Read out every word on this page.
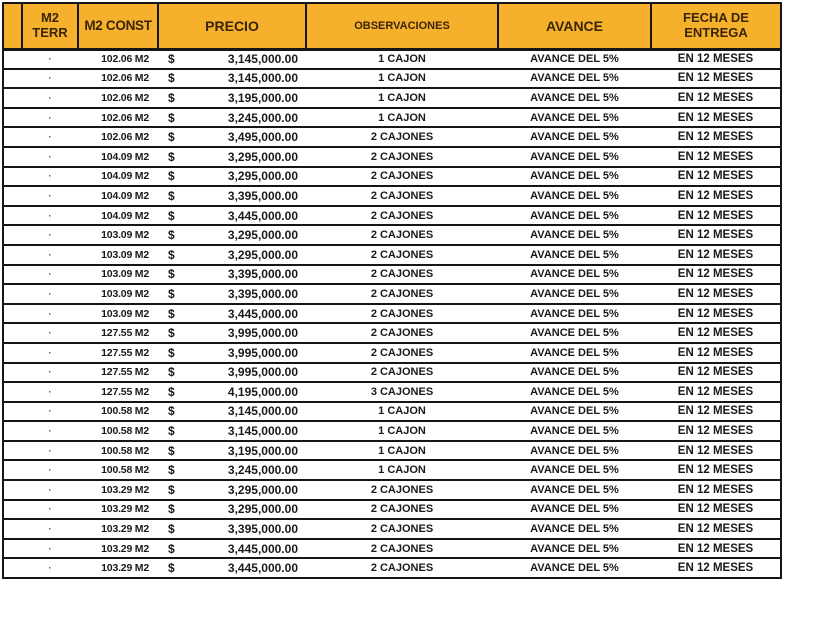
	M2 TERR	M2 CONST	PRECIO	OBSERVACIONES	AVANCE	FECHA DE ENTREGA
	·	102.06 M2	$ 3,145,000.00	1 CAJON	AVANCE DEL 5%	EN 12 MESES
	·	102.06 M2	$ 3,145,000.00	1 CAJON	AVANCE DEL 5%	EN 12 MESES
	·	102.06 M2	$ 3,195,000.00	1 CAJON	AVANCE DEL 5%	EN 12 MESES
	·	102.06 M2	$ 3,245,000.00	1 CAJON	AVANCE DEL 5%	EN 12 MESES
	·	102.06 M2	$ 3,495,000.00	2 CAJONES	AVANCE DEL 5%	EN 12 MESES
	·	104.09 M2	$ 3,295,000.00	2 CAJONES	AVANCE DEL 5%	EN 12 MESES
	·	104.09 M2	$ 3,295,000.00	2 CAJONES	AVANCE DEL 5%	EN 12 MESES
	·	104.09 M2	$ 3,395,000.00	2 CAJONES	AVANCE DEL 5%	EN 12 MESES
	·	104.09 M2	$ 3,445,000.00	2 CAJONES	AVANCE DEL 5%	EN 12 MESES
	·	103.09 M2	$ 3,295,000.00	2 CAJONES	AVANCE DEL 5%	EN 12 MESES
	·	103.09 M2	$ 3,295,000.00	2 CAJONES	AVANCE DEL 5%	EN 12 MESES
	·	103.09 M2	$ 3,395,000.00	2 CAJONES	AVANCE DEL 5%	EN 12 MESES
	·	103.09 M2	$ 3,395,000.00	2 CAJONES	AVANCE DEL 5%	EN 12 MESES
	·	103.09 M2	$ 3,445,000.00	2 CAJONES	AVANCE DEL 5%	EN 12 MESES
	·	127.55 M2	$ 3,995,000.00	2 CAJONES	AVANCE DEL 5%	EN 12 MESES
	·	127.55 M2	$ 3,995,000.00	2 CAJONES	AVANCE DEL 5%	EN 12 MESES
	·	127.55 M2	$ 3,995,000.00	2 CAJONES	AVANCE DEL 5%	EN 12 MESES
	·	127.55 M2	$ 4,195,000.00	3 CAJONES	AVANCE DEL 5%	EN 12 MESES
	·	100.58 M2	$ 3,145,000.00	1 CAJON	AVANCE DEL 5%	EN 12 MESES
	·	100.58 M2	$ 3,145,000.00	1 CAJON	AVANCE DEL 5%	EN 12 MESES
	·	100.58 M2	$ 3,195,000.00	1 CAJON	AVANCE DEL 5%	EN 12 MESES
	·	100.58 M2	$ 3,245,000.00	1 CAJON	AVANCE DEL 5%	EN 12 MESES
	·	103.29 M2	$ 3,295,000.00	2 CAJONES	AVANCE DEL 5%	EN 12 MESES
	·	103.29 M2	$ 3,295,000.00	2 CAJONES	AVANCE DEL 5%	EN 12 MESES
	·	103.29 M2	$ 3,395,000.00	2 CAJONES	AVANCE DEL 5%	EN 12 MESES
	·	103.29 M2	$ 3,445,000.00	2 CAJONES	AVANCE DEL 5%	EN 12 MESES
	·	103.29 M2	$ 3,445,000.00	2 CAJONES	AVANCE DEL 5%	EN 12 MESES
